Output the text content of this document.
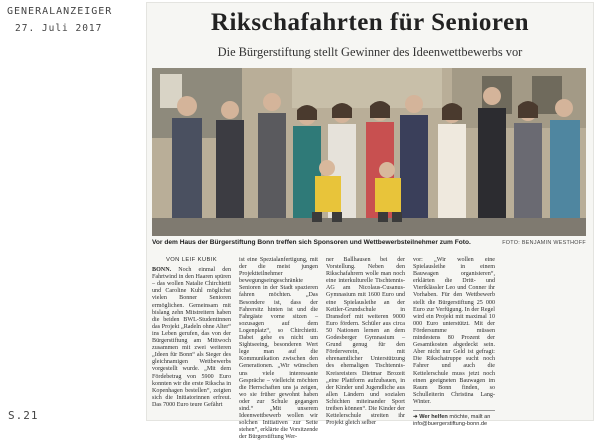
GENERALANZEIGER
27. Juli 2017
S.21
Rikschafahrten für Senioren
Die Bürgerstiftung stellt Gewinner des Ideenwettbewerbs vor
Vor dem Haus der Bürgerstiftung Bonn treffen sich Sponsoren und Wettbewerbsteilnehmer zum Foto.	FOTO: BENJAMIN WESTHOFF
VON LEIF KUBIK
BONN. Noch einmal den Fahrtwind in den Haaren spüren – das wollen Natalie Chirchietti und Caroline Kuhl möglichst vielen Bonner Senioren ermöglichen. Gemeinsam mit bislang zehn Mitstreitern haben die beiden BWL-Studentinnen das Projekt „Radeln ohne Alter“ ins Leben gerufen, das von der Bürgerstiftung am Mittwoch zusammen mit zwei weiteren „Ideen für Bonn“ als Sieger des gleichnamigen Wettbewerbs vorgestellt wurde. „Mit dem Fördebetrag von 5900 Euro konnten wir die erste Rikscha in Kopenhagen bestellen“, zeigten sich die Initiatorinnen erfreut. Das 7000 Euro teure Gefährt
ist eine Spezialanfertigung, mit der die meist jungen Projektteilnehmer bewegungseingeschränkte Senioren in der Stadt spazieren fahren möchten. „Das Besondere ist, dass der Fahrersitz hinten ist und die Fahrgäste vorne sitzen – sozusagen auf dem Logenplatz“, so Chirchietti. Dabei gehe es nicht um Sightseeing, besonderen Wert lege man auf die Kommunikation zwischen den Generationen. „Wir wünschen uns viele interessante Gespräche – vielleicht möchten die Herrschaften uns ja zeigen, wo sie früher gewohnt haben oder zur Schule gegangen sind.“ „Mit unserem Ideenwettbewerb wollen wir solchen Initiativen zur Seite stehen“, erklärte die Vorsitzende der Bürgerstiftung Wer-
ner Ballhausen bei der Vorstellung. Neben den Rikschafahrern wolle man noch eine interkulturelle Tischtennis-AG am Nicolaus-Cusanus-Gymnasium mit 1600 Euro und eine Spielausleihe an der Kettler-Grundschule in Dransdorf mit weiteren 9000 Euro fördern. Schüler aus circa 50 Nationen lernen an dem Godesberger Gymnasium – Grund genug für den Förderverein, mit ehrenamtlicher Unterstützung des ehemaligen Tischtennis-Kreisreisters Dietmar Brozeit „eine Plattform aufzubauen, in der Kinder und Jugendliche aus allen Ländern und sozialen Schichten miteinander Sport treiben können“. Die Kinder der Kettelerschule streiten ihr Projekt gleich selber
vor: „Wir wollen eine Spielausleihe in einem Bauwagen organisieren“, erklärten die Dritt- und Viertklässler Leo und Conner ihr Vorhaben. Für den Wettbewerb stellt die Bürgerstiftung 25 000 Euro zur Verfügung. In der Regel wird ein Projekt mit maximal 10 000 Euro unterstützt. Mit der Fördersumme müssen mindestens 80 Prozent der Gesamtkosten abgedeckt sein. Aber nicht nur Geld ist gefragt: Die Rikschatruppe sucht noch Fahrer und auch die Kettelerschule muss jetzt noch einen geeigneten Bauwagen im Raum Bonn finden, so Schulleiterin Christina Lang-Winter.
➜ Wer helfen möchte, mailt an info@buergerstiftung-bonn.de
